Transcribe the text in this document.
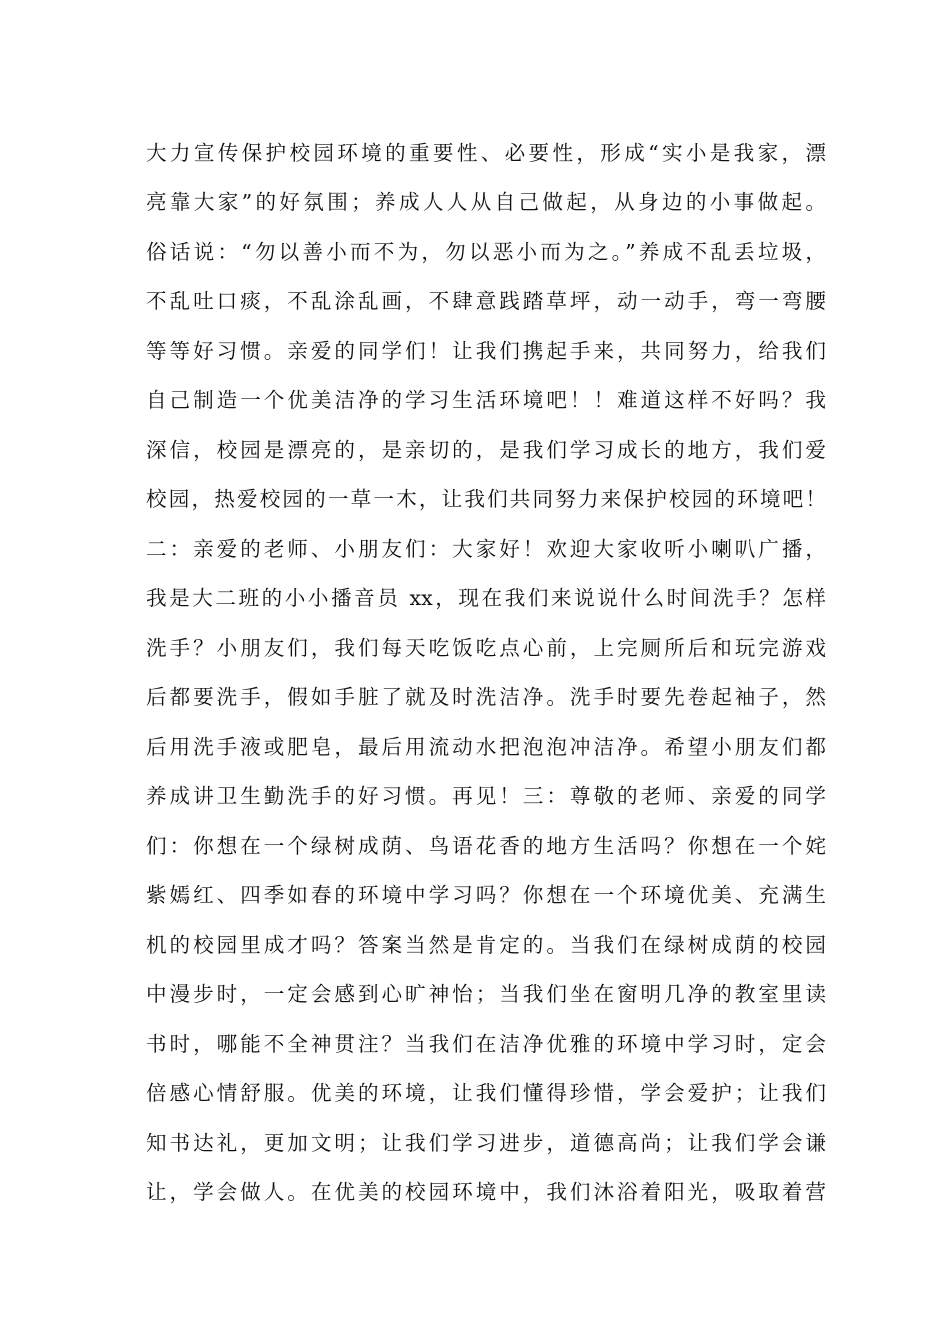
大力宣传保护校园环境的重要性、必要性，形成“实小是我家，漂
亮靠大家”的好氛围；养成人人从自己做起，从身边的小事做起。
俗话说：“勿以善小而不为，勿以恶小而为之。”养成不乱丢垃圾，
不乱吐口痰，不乱涂乱画，不肆意践踏草坪，动一动手，弯一弯腰
等等好习惯。亲爱的同学们！让我们携起手来，共同努力，给我们
自己制造一个优美洁净的学习生活环境吧！！难道这样不好吗？我
深信，校园是漂亮的，是亲切的，是我们学习成长的地方，我们爱
校园，热爱校园的一草一木，让我们共同努力来保护校园的环境吧！
二：亲爱的老师、小朋友们：大家好！欢迎大家收听小喇叭广播，
我是大二班的小小播音员 xx，现在我们来说说什么时间洗手？怎样
洗手？小朋友们，我们每天吃饭吃点心前，上完厕所后和玩完游戏
后都要洗手，假如手脏了就及时洗洁净。洗手时要先卷起袖子，然
后用洗手液或肥皂，最后用流动水把泡泡冲洁净。希望小朋友们都
养成讲卫生勤洗手的好习惯。再见！三：尊敬的老师、亲爱的同学
们：你想在一个绿树成荫、鸟语花香的地方生活吗？你想在一个姹
紫嫣红、四季如春的环境中学习吗？你想在一个环境优美、充满生
机的校园里成才吗？答案当然是肯定的。当我们在绿树成荫的校园
中漫步时，一定会感到心旷神怡；当我们坐在窗明几净的教室里读
书时，哪能不全神贯注？当我们在洁净优雅的环境中学习时，定会
倍感心情舒服。优美的环境，让我们懂得珍惜，学会爱护；让我们
知书达礼，更加文明；让我们学习进步，道德高尚；让我们学会谦
让，学会做人。在优美的校园环境中，我们沐浴着阳光，吸取着营
